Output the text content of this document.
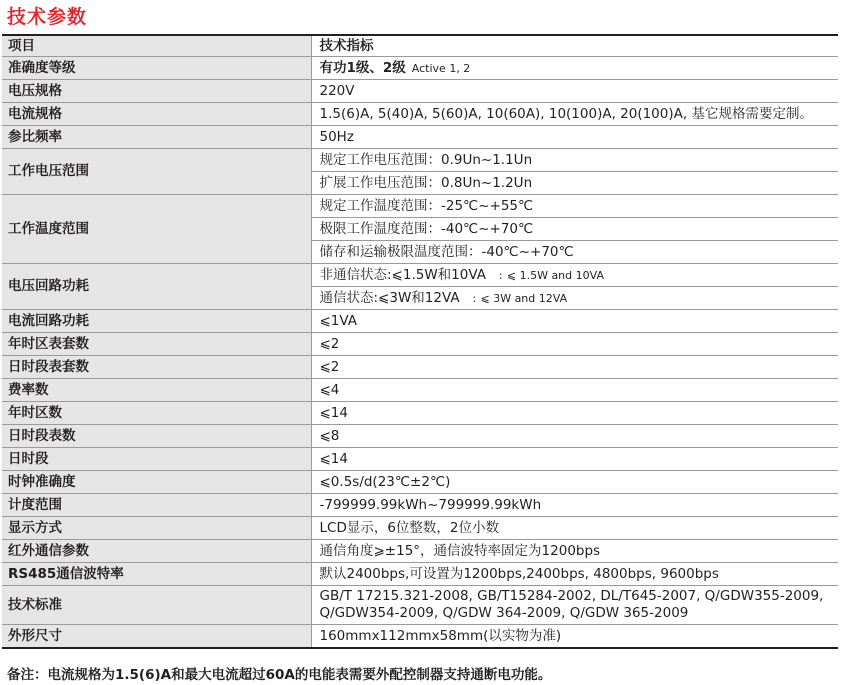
技术参数
项目	技术指标
准确度等级	有功1级、2级 Active 1, 2
电压规格	220V
电流规格	1.5(6)A, 5(40)A, 5(60)A, 10(60A), 10(100)A, 20(100)A, 基它规格需要定制。
参比频率	50Hz
工作电压范围	规定工作电压范围：0.9Un~1.1Un
	扩展工作电压范围：0.8Un~1.2Un
工作温度范围	规定工作温度范围：-25℃~+55℃
	极限工作温度范围：-40℃~+70℃
	储存和运输极限温度范围：-40℃~+70℃
电压回路功耗	非通信状态:⩽1.5W和10VA : ⩽ 1.5W and 10VA
	通信状态:⩽3W和12VA : ⩽ 3W and 12VA
电流回路功耗	⩽1VA
年时区表套数	⩽2
日时段表套数	⩽2
费率数	⩽4
年时区数	⩽14
日时段表数	⩽8
日时段	⩽14
时钟准确度	⩽0.5s/d(23℃±2℃)
计度范围	-799999.99kWh~799999.99kWh
显示方式	LCD显示，6位整数，2位小数
红外通信参数	通信角度⩾±15°，通信波特率固定为1200bps
RS485通信波特率	默认2400bps,可设置为1200bps,2400bps, 4800bps, 9600bps
技术标准	GB/T 17215.321-2008, GB/T15284-2002, DL/T645-2007, Q/GDW355-2009,
Q/GDW354-2009, Q/GDW 364-2009, Q/GDW 365-2009

外形尺寸	160mmx112mmx58mm(以实物为准)
备注：电流规格为1.5(6)A和最大电流超过60A的电能表需要外配控制器支持通断电功能。
